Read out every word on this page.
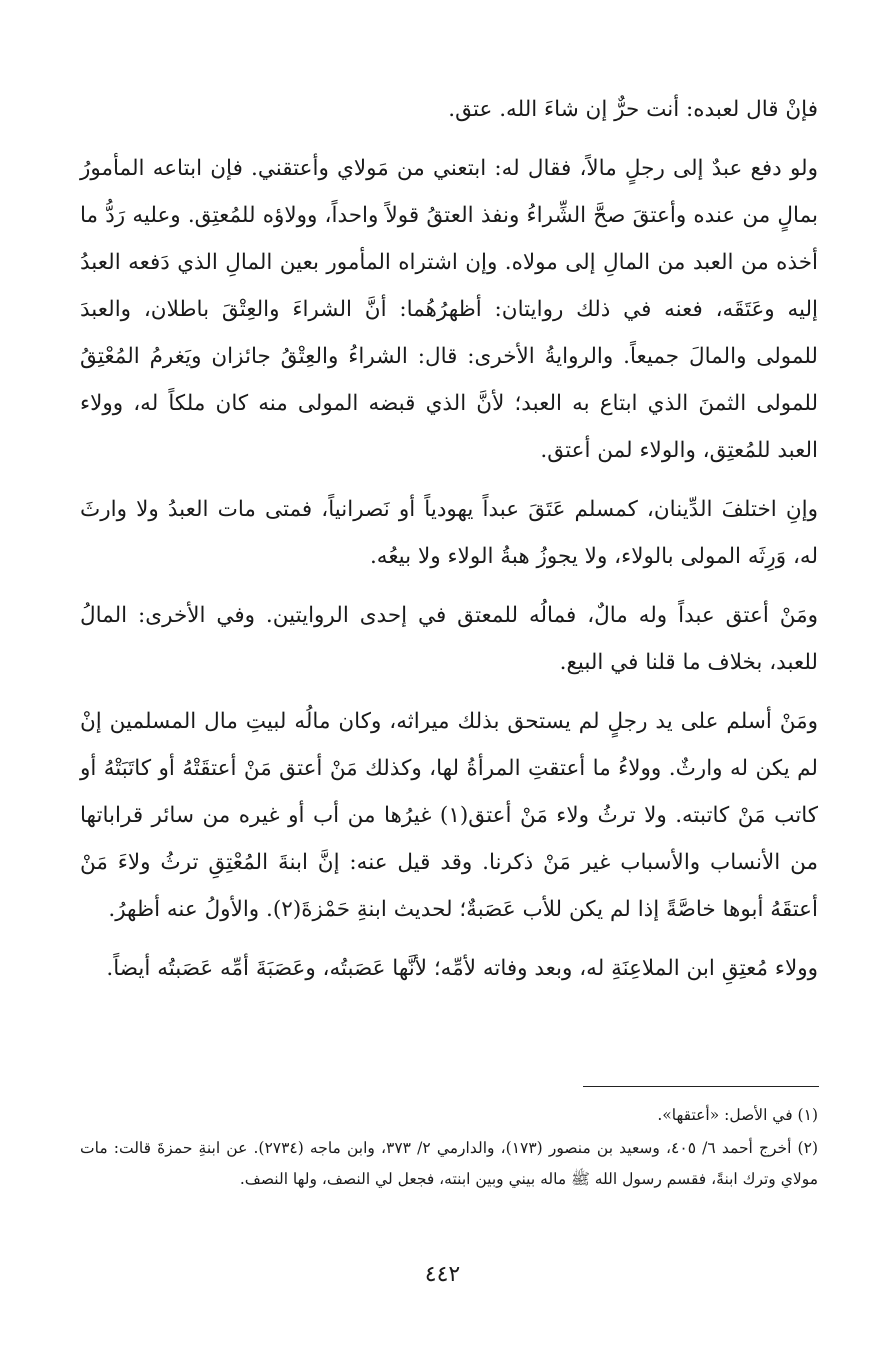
فإنْ قال لعبده: أنت حرٌّ إن شاءَ الله. عتق.

ولو دفع عبدٌ إلى رجلٍ مالاً، فقال له: ابتعني من مَولاي وأعتقني. فإن ابتاعه المأمورُ بمالٍ من عنده وأعتقَ صحَّ الشِّراءُ ونفذ العتقُ قولاً واحداً، وولاؤه للمُعتِق. وعليه رَدُّ ما أخذه من العبد من المالِ إلى مولاه. وإن اشتراه المأمور بعين المالِ الذي دَفعه العبدُ إليه وعَتَقَه، فعنه في ذلك روايتان: أظهرُهُما: أنَّ الشراءَ والعِتْقَ باطلان، والعبدَ للمولى والمالَ جميعاً. والروايةُ الأخرى: قال: الشراءُ والعِتْقُ جائزان ويَغرمُ المُعْتِقُ للمولى الثمنَ الذي ابتاع به العبد؛ لأنَّ الذي قبضه المولى منه كان ملكاً له، وولاء العبد للمُعتِق، والولاء لمن أعتق.

وإنِ اختلفَ الدِّينان، كمسلم عَتَقَ عبداً يهودياً أو نَصرانياً، فمتى مات العبدُ ولا وارثَ له، وَرِثَه المولى بالولاء، ولا يجوزُ هبةُ الولاء ولا بيعُه.

ومَنْ أعتق عبداً وله مالٌ، فمالُه للمعتق في إحدى الروايتين. وفي الأخرى: المالُ للعبد، بخلاف ما قلنا في البيع.

ومَنْ أسلم على يد رجلٍ لم يستحق بذلك ميراثه، وكان مالُه لبيتِ مال المسلمين إنْ لم يكن له وارثٌ. وولاءُ ما أعتقتِ المرأةُ لها، وكذلك مَنْ أعتق مَنْ أعتقَتْهُ أو كاتَبَتْهُ أو كاتب مَنْ كاتبته. ولا ترثُ ولاء مَنْ أعتق(١) غيرُها من أب أو غيره من سائر قراباتها من الأنساب والأسباب غير مَنْ ذكرنا. وقد قيل عنه: إنَّ ابنةَ المُعْتِقِ ترثُ ولاءَ مَنْ أعتقَهُ أبوها خاصَّةً إذا لم يكن للأب عَصَبةٌ؛ لحديث ابنةِ حَمْزةَ(٢). والأولُ عنه أظهرُ.

وولاء مُعتِقِ ابن الملاعِنَةِ له، وبعد وفاته لأمِّه؛ لأنَّها عَصَبتُه، وعَصَبَةَ أمِّه عَصَبتُه أيضاً.

(١) في الأصل: «أعتقها».

(٢) أخرج أحمد ٦/ ٤٠٥، وسعيد بن منصور (١٧٣)، والدارمي ٢/ ٣٧٣، وابن ماجه (٢٧٣٤). عن ابنةِ حمزةَ قالت: مات مولاي وترك ابنةً، فقسم رسول الله ﷺ ماله بيني وبين ابنته، فجعل لي النصف، ولها النصف.

٤٤٢
